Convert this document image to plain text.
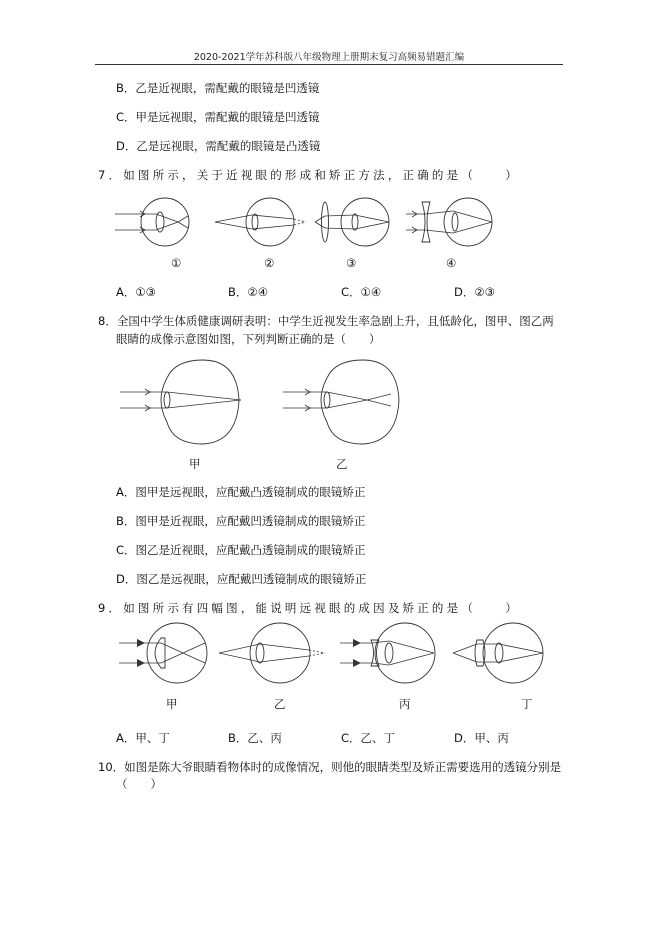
2020-2021学年苏科版八年级物理上册期末复习高频易错题汇编
B．乙是近视眼，需配戴的眼镜是凹透镜
C．甲是远视眼，需配戴的眼镜是凹透镜
D．乙是远视眼，需配戴的眼镜是凸透镜
7．如图所示，关于近视眼的形成和矫正方法，正确的是（　　）
①	②	③	④
A．①③	B．②④	C．①④	D．②③
8．全国中学生体质健康调研表明：中学生近视发生率急剧上升，且低龄化，图甲、图乙两
眼睛的成像示意图如图，下列判断正确的是（　　）
甲	乙
A．图甲是远视眼，应配戴凸透镜制成的眼镜矫正
B．图甲是近视眼，应配戴凹透镜制成的眼镜矫正
C．图乙是近视眼，应配戴凸透镜制成的眼镜矫正
D．图乙是远视眼，应配戴凹透镜制成的眼镜矫正
9．如图所示有四幅图，能说明远视眼的成因及矫正的是（　　）
甲	乙	丙	丁
A．甲、丁	B．乙、丙	C．乙、丁	D．甲、丙
10．如图是陈大爷眼睛看物体时的成像情况，则他的眼睛类型及矫正需要选用的透镜分别是
（　　）
